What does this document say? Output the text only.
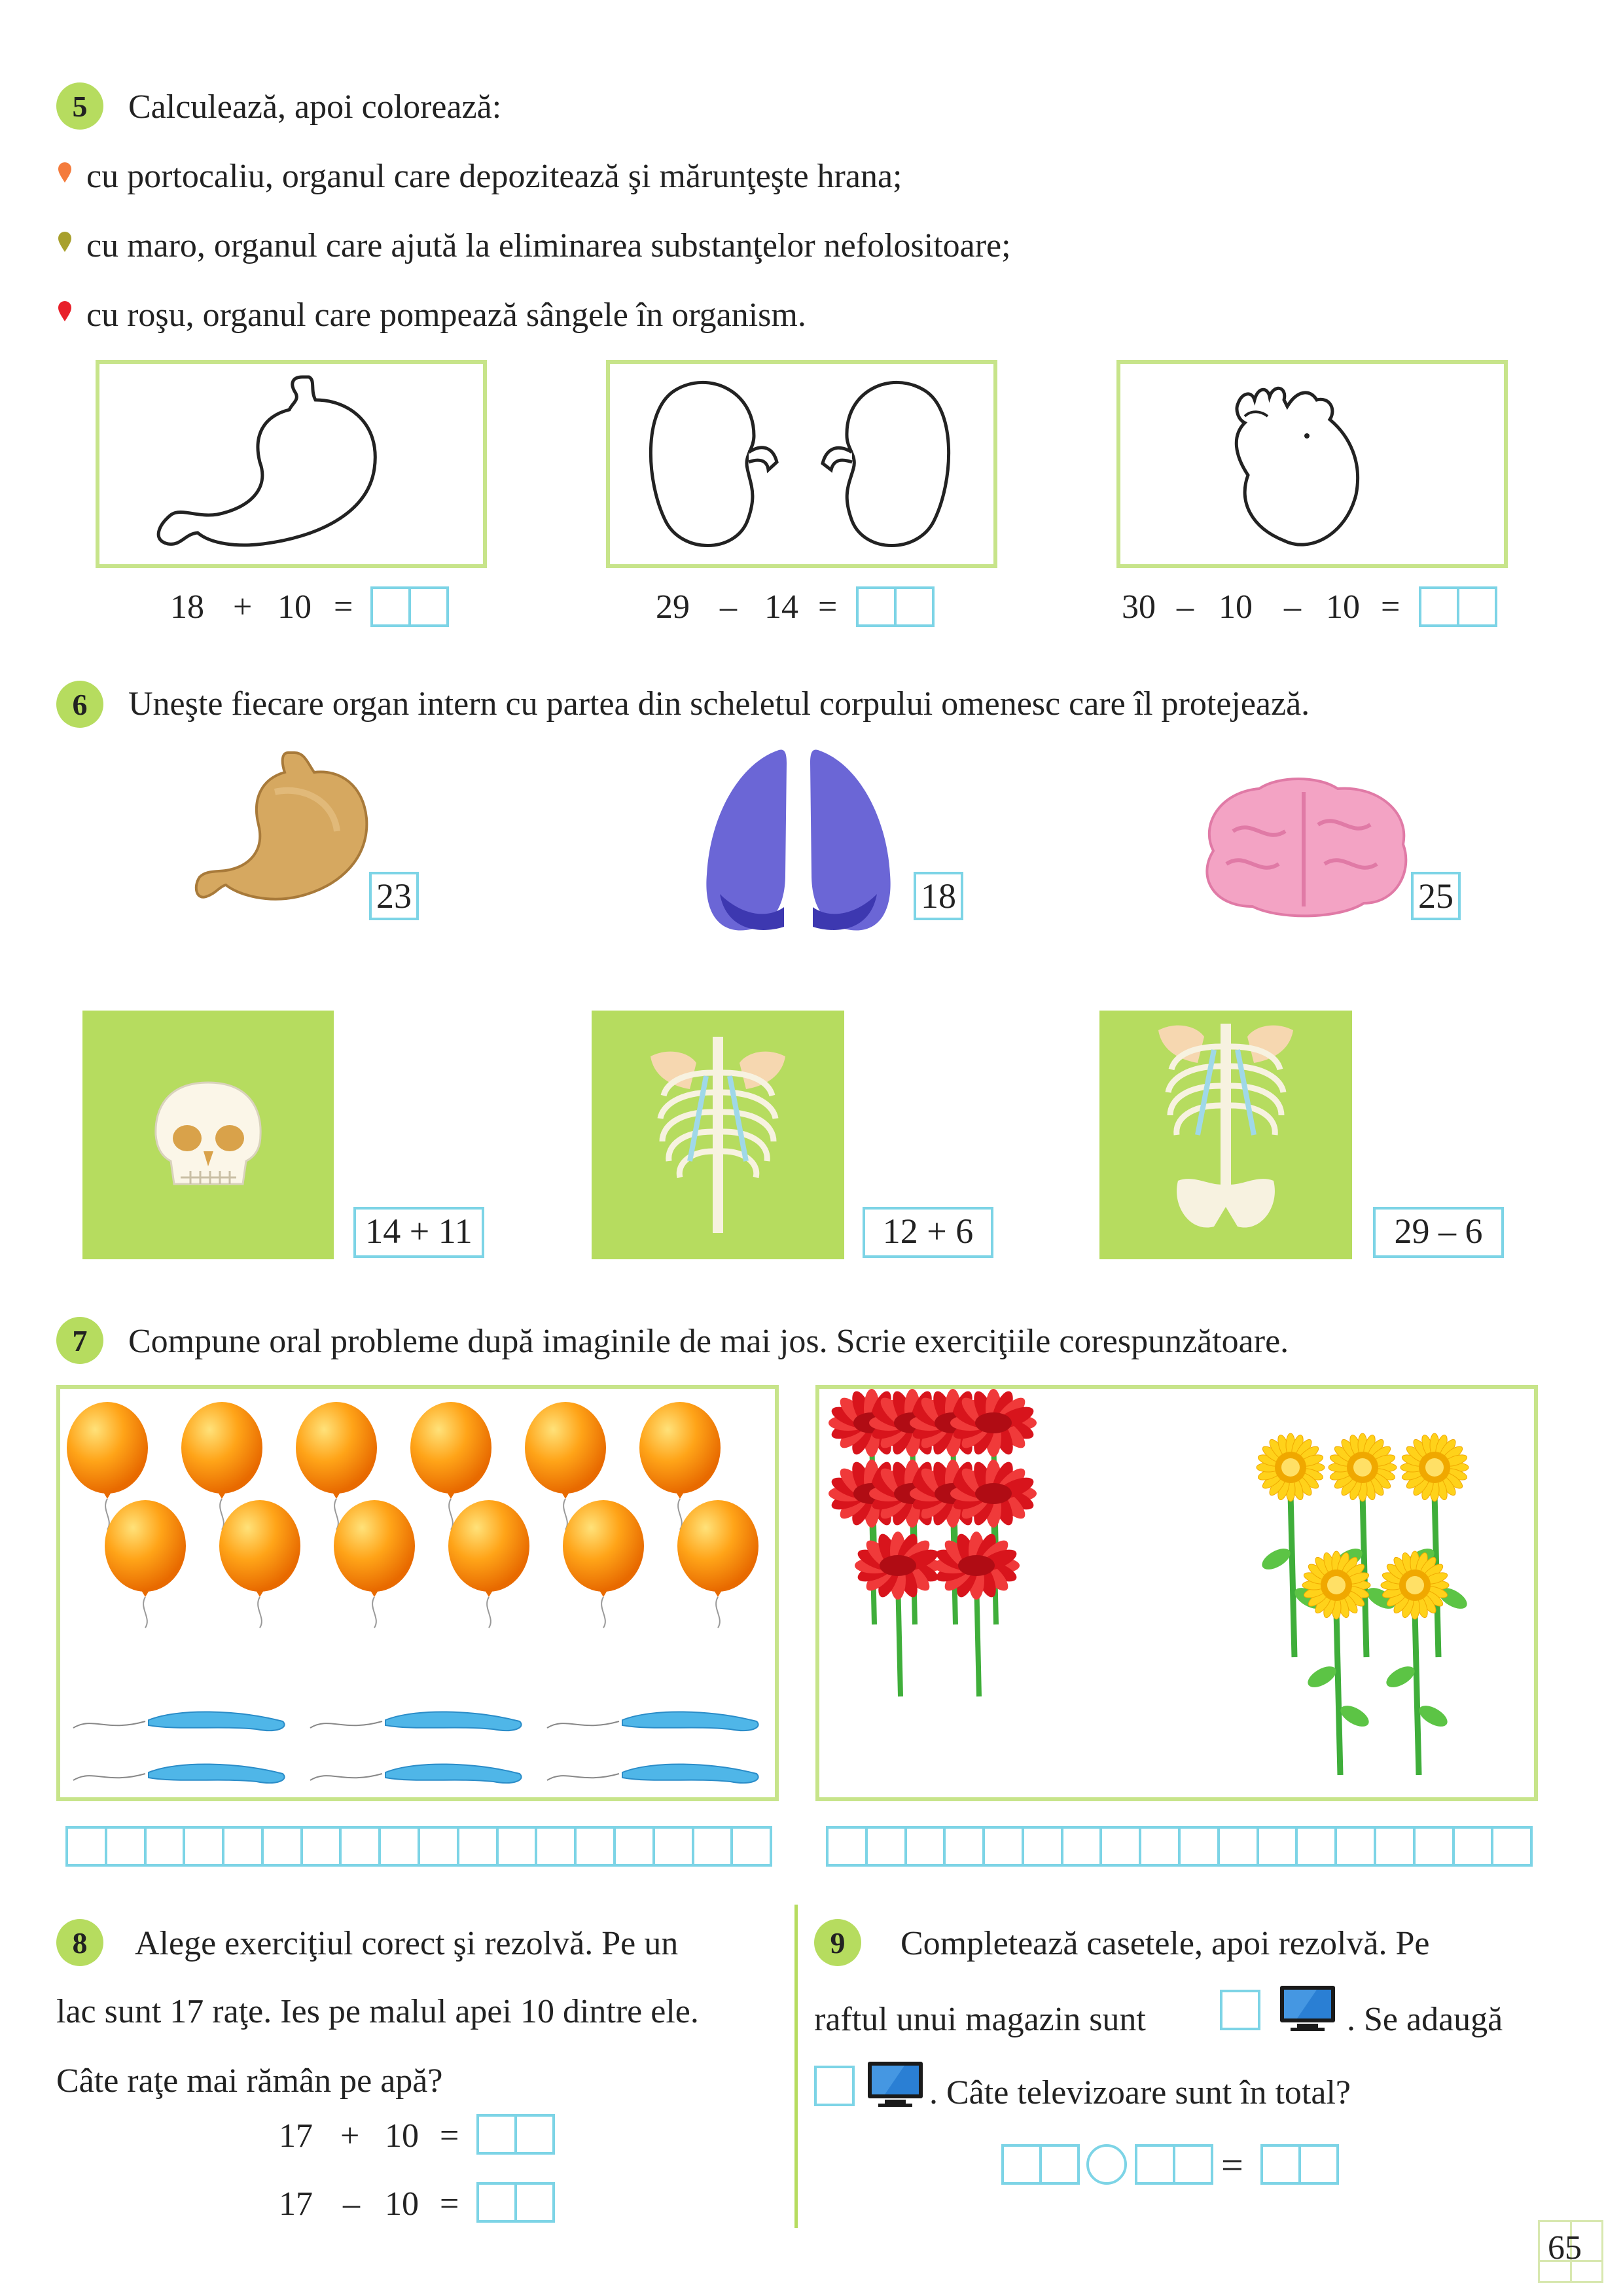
5	Calculează, apoi colorează:
cu portocaliu, organul care depozitează şi mărunţeşte hrana;
cu maro, organul care ajută la eliminarea substanţelor nefolositoare;
cu roşu, organul care pompează sângele în organism.
18 + 10 =	29 – 14 =	30 – 10 – 10 =
6	Uneşte fiecare organ intern cu partea din scheletul corpului omenesc care îl protejează.
23	18	25
14 + 11	12 + 6	29 – 6
7	Compune oral probleme după imaginile de mai jos. Scrie exerciţiile corespunzătoare.
8	Alege exerciţiul corect şi rezolvă. Pe un
lac sunt 17 raţe. Ies pe malul apei 10 dintre ele.
Câte raţe mai rămân pe apă?
17 + 10 =
17 – 10 =
9	Completează casetele, apoi rezolvă. Pe
raftul unui magazin sunt	. Se adaugă
. Câte televizoare sunt în total?
=
65
